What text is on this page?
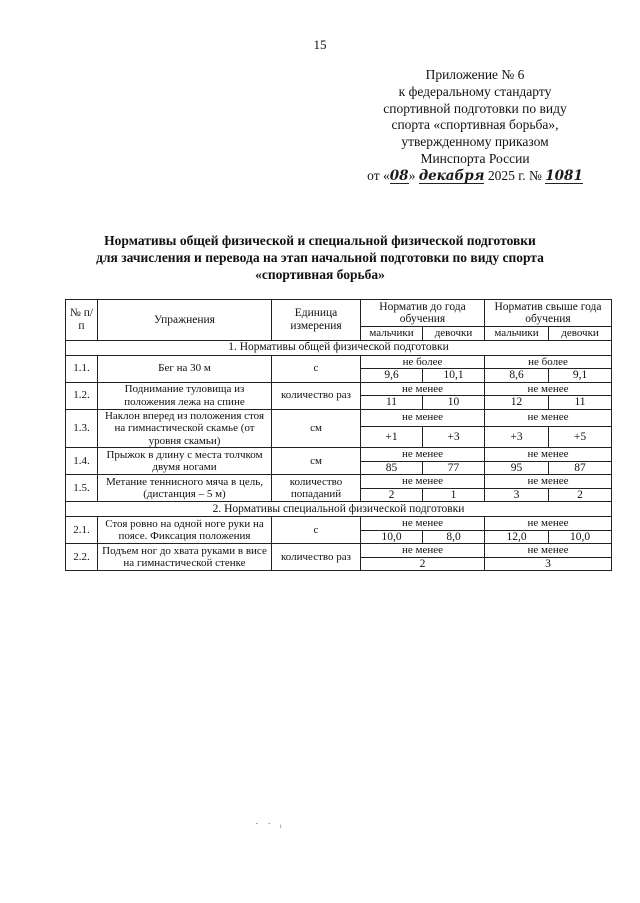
15
Приложение № 6
к федеральному стандарту
спортивной подготовки по виду
спорта «спортивная борьба»,
утвержденному приказом
Минспорта России
от «08» декабря 2025 г. № 1081
Нормативы общей физической и специальной физической подготовки
для зачисления и перевода на этап начальной подготовки по виду спорта
«спортивная борьба»
№ п/п	Упражнения	Единица измерения	Норматив до года обучения		Норматив свыше года обучения	
			мальчики	девочки	мальчики	девочки
1. Нормативы общей физической подготовки						
1.1.	Бег на 30 м	с	не более		не более	
			9,6	10,1	8,6	9,1
1.2.	Поднимание туловища из положения лежа на спине	количество раз	не менее		не менее	
			11	10	12	11
1.3.	Наклон вперед из положения стоя на гимнастической скамье (от уровня скамьи)	см	не менее		не менее	
			+1	+3	+3	+5
1.4.	Прыжок в длину с места толчком двумя ногами	см	не менее		не менее	
			85	77	95	87
1.5.	Метание теннисного мяча в цель, (дистанция – 5 м)	количество попаданий	не менее		не менее	
			2	1	3	2
2. Нормативы специальной физической подготовки						
2.1.	Стоя ровно на одной ноге руки на поясе. Фиксация положения	с	не менее		не менее	
			10,0	8,0	12,0	10,0
2.2.	Подъем ног до хвата руками в висе на гимнастической стенке	количество раз	не менее		не менее	
			2		3	
· · ᵢ
